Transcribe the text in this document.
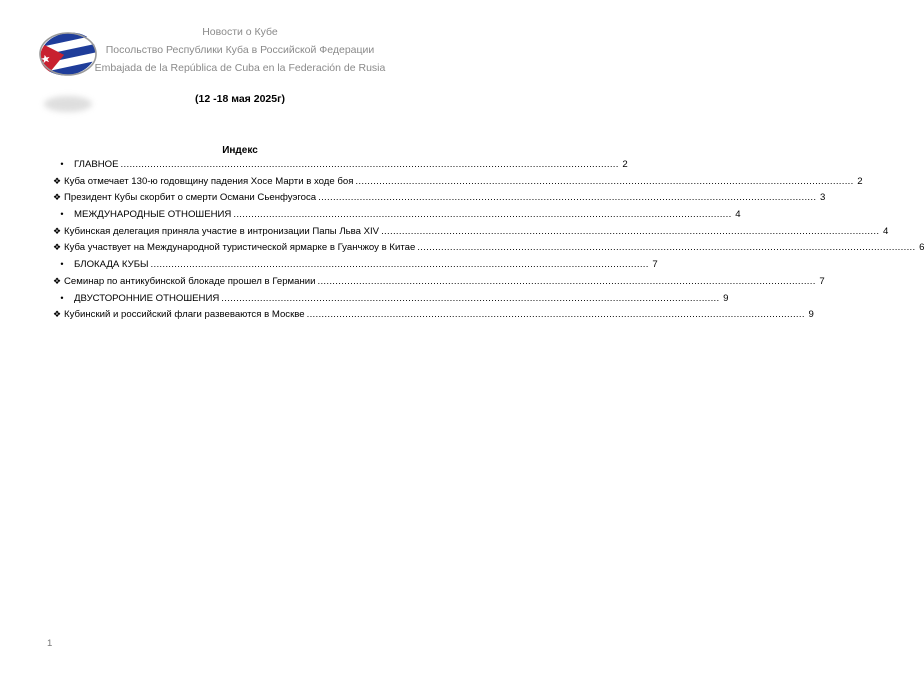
Новости о Кубе
Посольство Республики Куба в Российской Федерации
Embajada de la República de Cuba en la Federación de Rusia
(12 -18 мая 2025г)
Индекс
•	ГЛАВНОЕ ........................................................................................................................................................................ 2
❖ Куба отмечает 130-ю годовщину падения Хосе Марти в ходе боя ........................................................................................................................................................................ 2
❖ Президент Кубы скорбит о смерти Османи Сьенфуэгоса ........................................................................................................................................................................ 3
•	МЕЖДУНАРОДНЫЕ ОТНОШЕНИЯ ........................................................................................................................................................................ 4
❖ Кубинская делегация приняла участие в интронизации Папы Льва XIV ........................................................................................................................................................................ 4
❖ Куба участвует на Международной туристической ярмарке в Гуанчжоу в Китае ........................................................................................................................................................................ 6
•	БЛОКАДА КУБЫ ........................................................................................................................................................................ 7
❖ Семинар по антикубинской блокаде прошел в Германии ........................................................................................................................................................................ 7
•	ДВУСТОРОННИЕ ОТНОШЕНИЯ ........................................................................................................................................................................ 9
❖ Кубинский и российский флаги развеваются в Москве ........................................................................................................................................................................ 9
1
